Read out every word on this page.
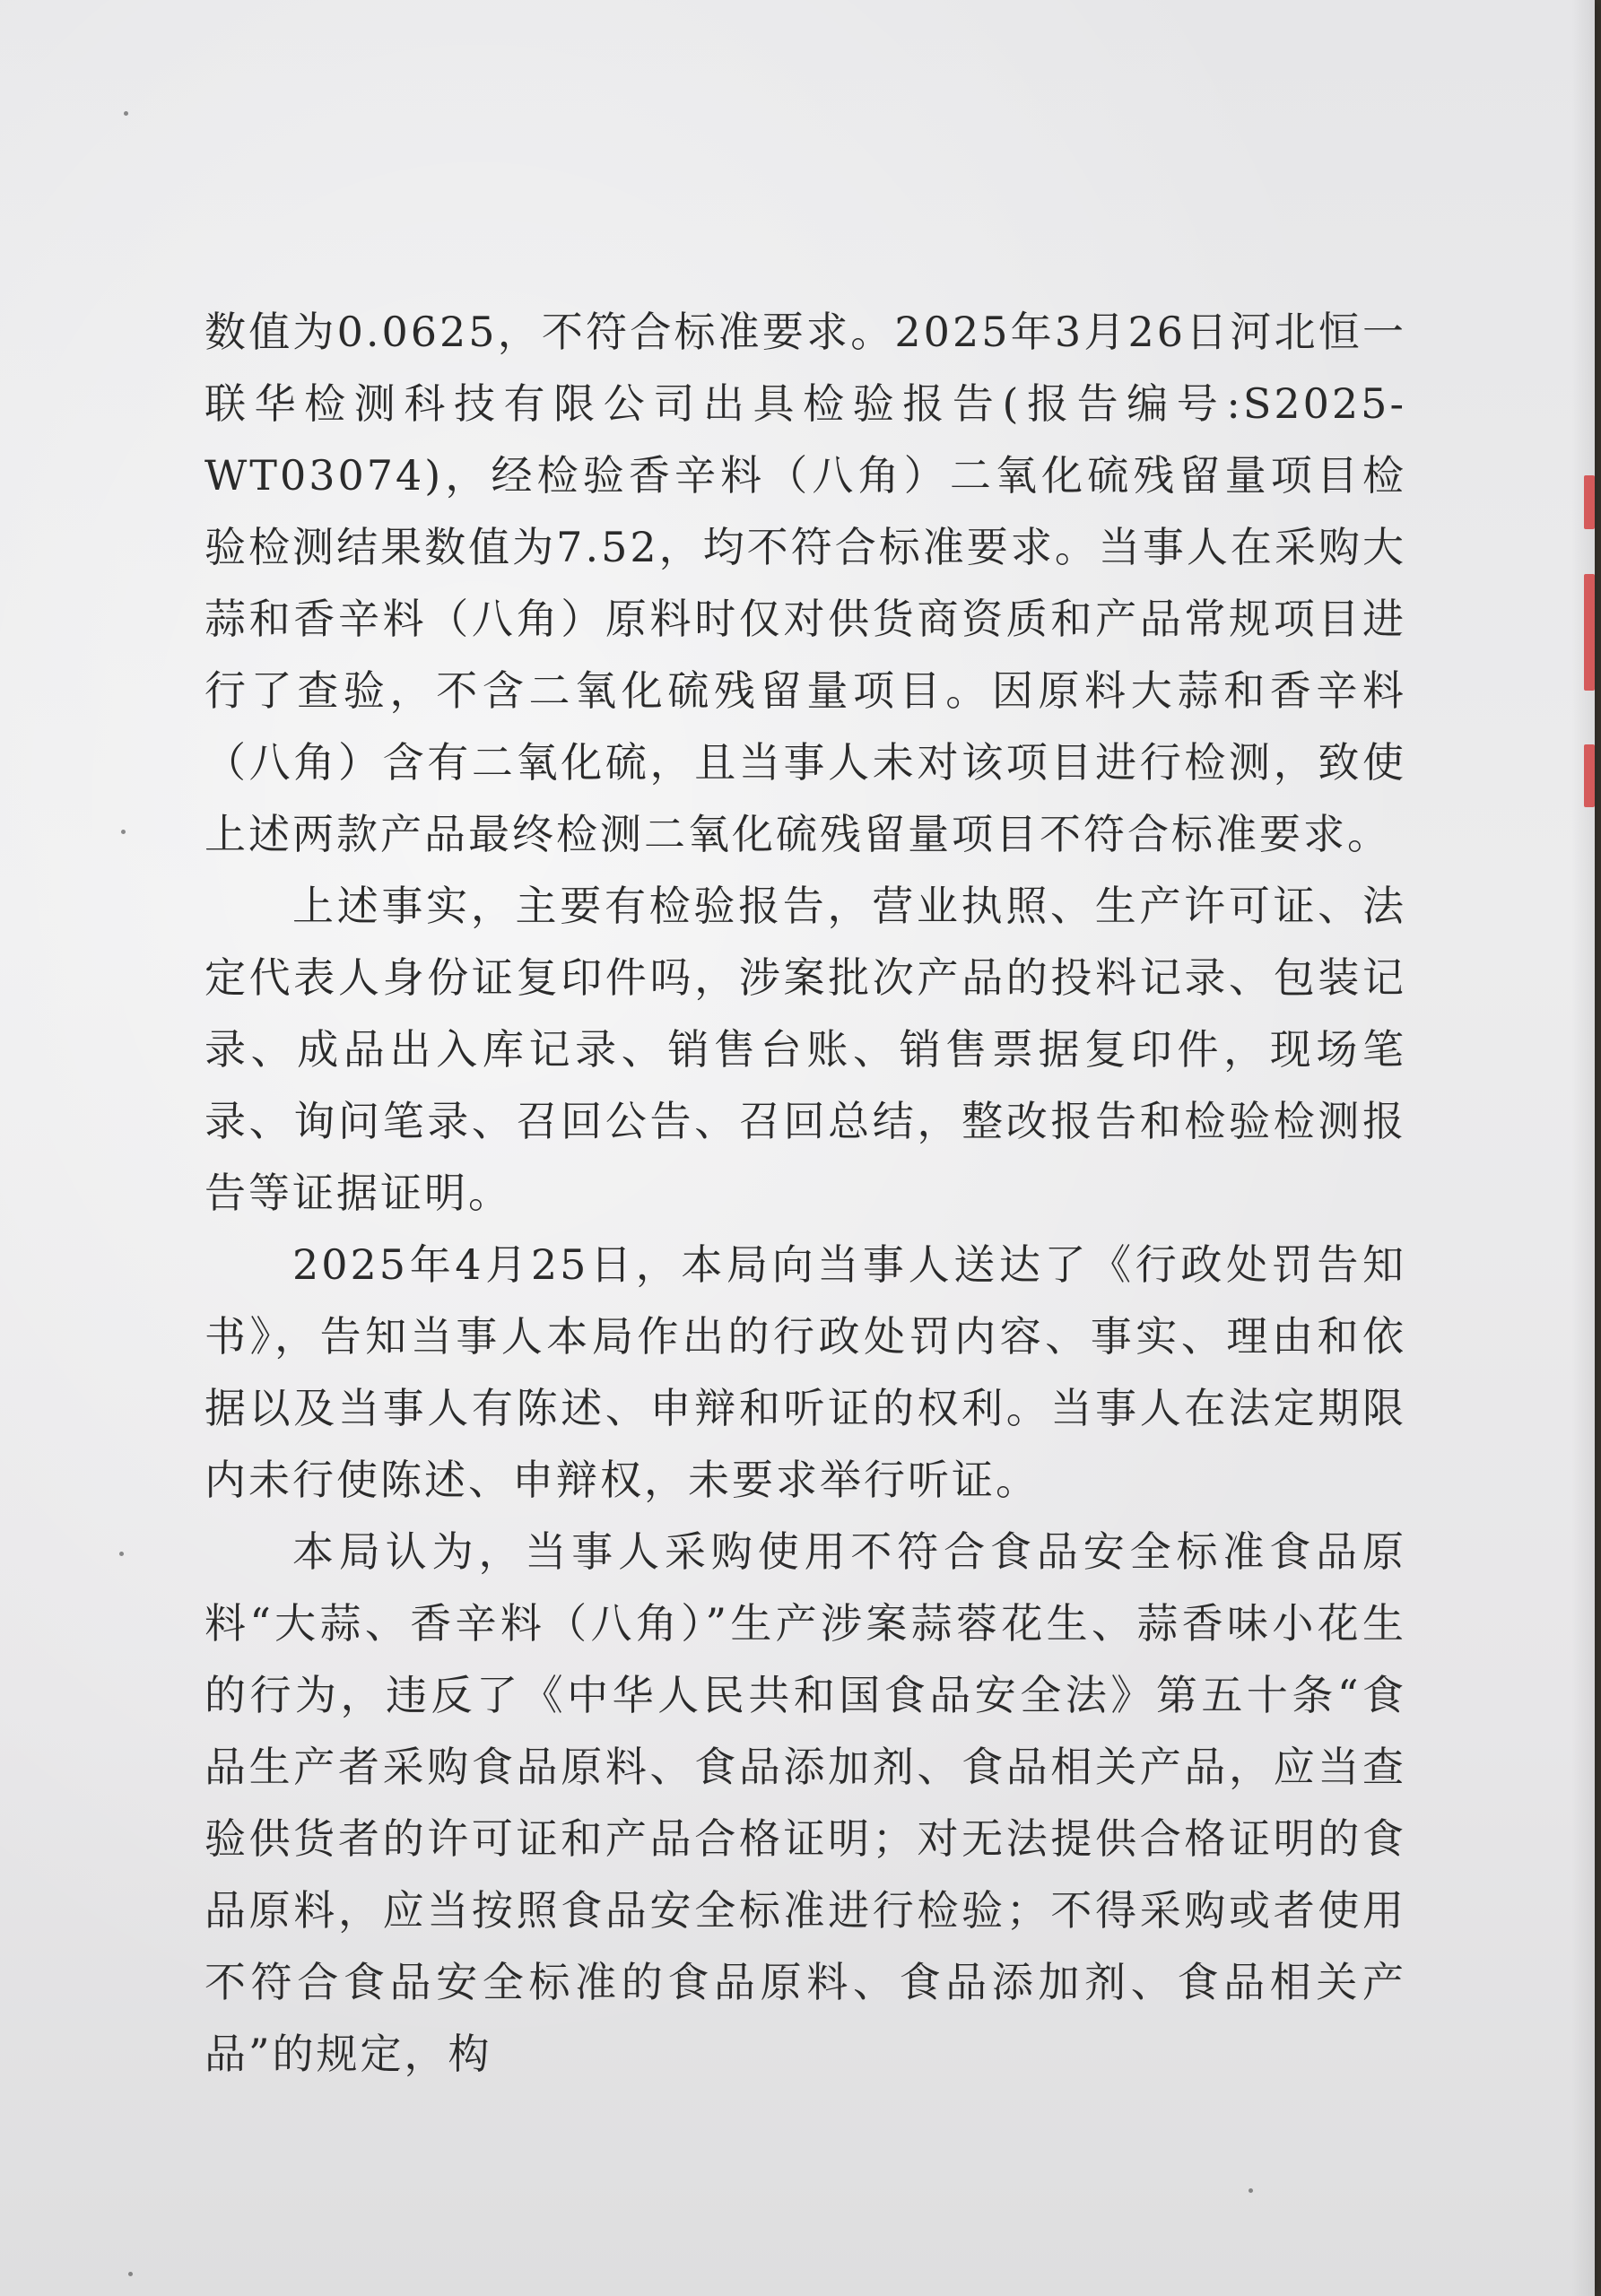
数值为0.0625，不符合标准要求。2025年3月26日河北恒一联华检测科技有限公司出具检验报告(报告编号:S2025-WT03074)，经检验香辛料（八角）二氧化硫残留量项目检验检测结果数值为7.52，均不符合标准要求。当事人在采购大蒜和香辛料（八角）原料时仅对供货商资质和产品常规项目进行了查验，不含二氧化硫残留量项目。因原料大蒜和香辛料（八角）含有二氧化硫，且当事人未对该项目进行检测，致使上述两款产品最终检测二氧化硫残留量项目不符合标准要求。

上述事实，主要有检验报告，营业执照、生产许可证、法定代表人身份证复印件吗，涉案批次产品的投料记录、包装记录、成品出入库记录、销售台账、销售票据复印件，现场笔录、询问笔录、召回公告、召回总结，整改报告和检验检测报告等证据证明。

2025年4月25日，本局向当事人送达了《行政处罚告知书》，告知当事人本局作出的行政处罚内容、事实、理由和依据以及当事人有陈述、申辩和听证的权利。当事人在法定期限内未行使陈述、申辩权，未要求举行听证。

本局认为，当事人采购使用不符合食品安全标准食品原料“大蒜、香辛料（八角）”生产涉案蒜蓉花生、蒜香味小花生的行为，违反了《中华人民共和国食品安全法》第五十条“食品生产者采购食品原料、食品添加剂、食品相关产品，应当查验供货者的许可证和产品合格证明；对无法提供合格证明的食品原料，应当按照食品安全标准进行检验；不得采购或者使用不符合食品安全标准的食品原料、食品添加剂、食品相关产品”的规定，构
